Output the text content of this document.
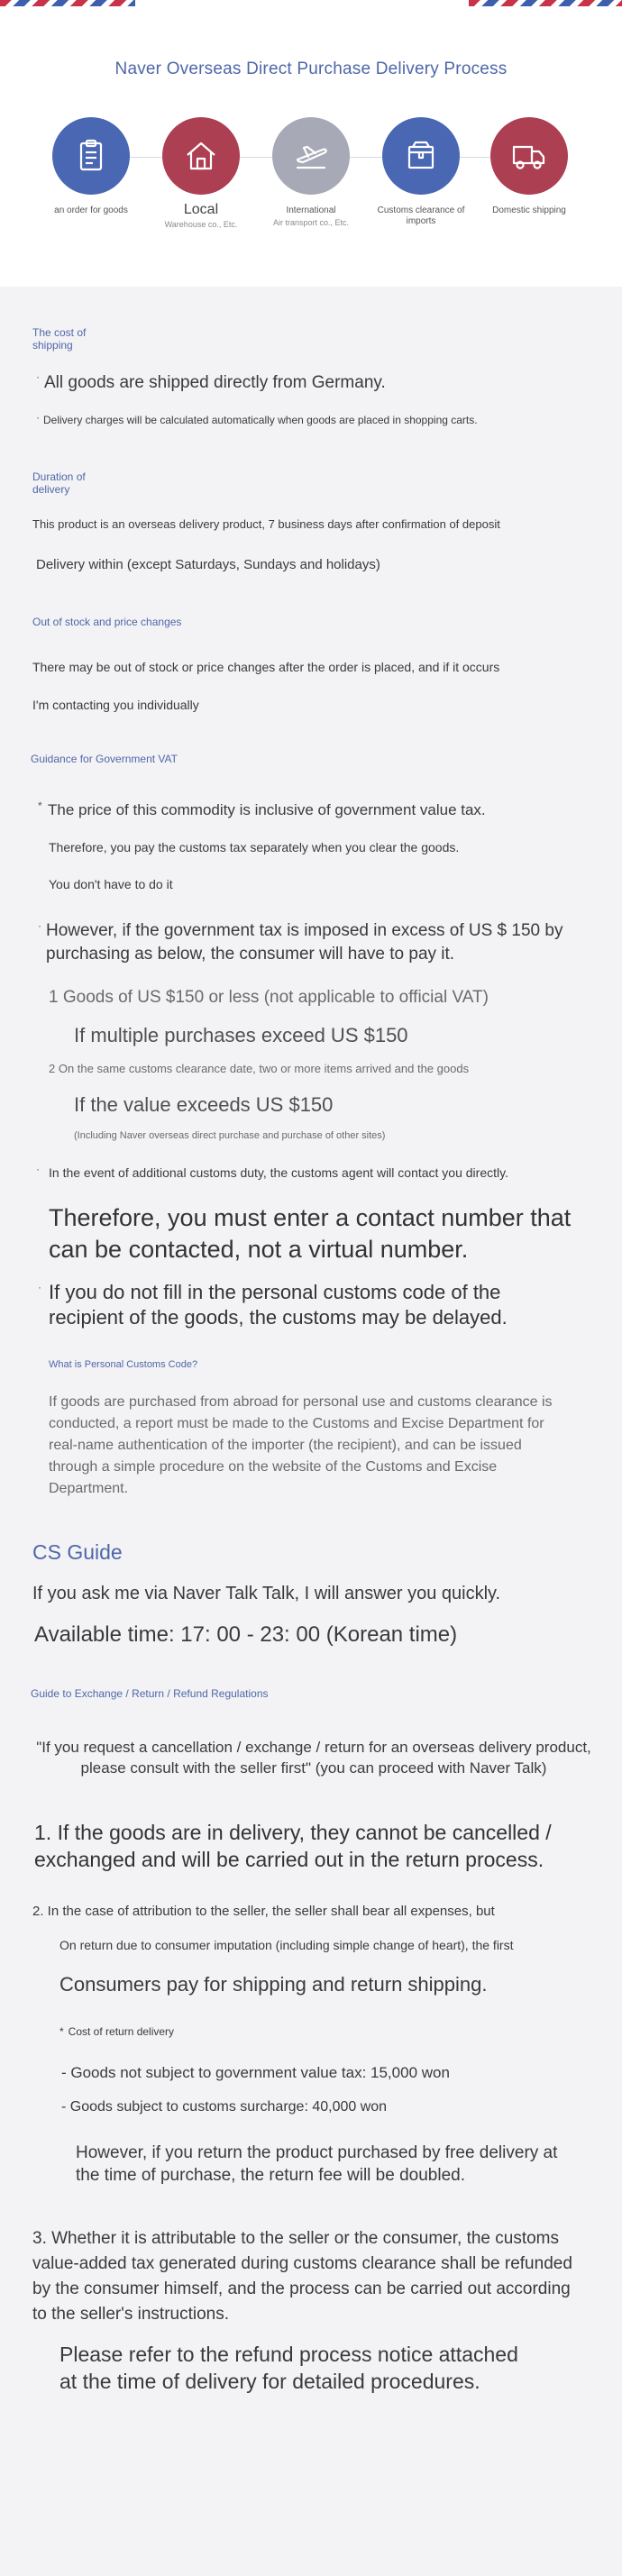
Naver Overseas Direct Purchase Delivery Process
an order for goods	Local
Warehouse co., Etc.
International
Air transport co., Etc.
Customs clearance of imports
Domestic shipping
The cost of shipping
· All goods are shipped directly from Germany.
· Delivery charges will be calculated automatically when goods are placed in shopping carts.
Duration of delivery
This product is an overseas delivery product, 7 business days after confirmation of deposit
Delivery within (except Saturdays, Sundays and holidays)
Out of stock and price changes
There may be out of stock or price changes after the order is placed, and if it occurs
I'm contacting you individually
Guidance for Government VAT
* The price of this commodity is inclusive of government value tax.
Therefore, you pay the customs tax separately when you clear the goods.
You don't have to do it
· However, if the government tax is imposed in excess of US $ 150 by purchasing as below, the consumer will have to pay it.
1 Goods of US $150 or less (not applicable to official VAT)
If multiple purchases exceed US $150
2 On the same customs clearance date, two or more items arrived and the goods
If the value exceeds US $150
(Including Naver overseas direct purchase and purchase of other sites)
· In the event of additional customs duty, the customs agent will contact you directly.
Therefore, you must enter a contact number that can be contacted, not a virtual number.
· If you do not fill in the personal customs code of the recipient of the goods, the customs may be delayed.
What is Personal Customs Code?
If goods are purchased from abroad for personal use and customs clearance is conducted, a report must be made to the Customs and Excise Department for real-name authentication of the importer (the recipient), and can be issued through a simple procedure on the website of the Customs and Excise Department.
CS Guide
If you ask me via Naver Talk Talk, I will answer you quickly.
Available time: 17: 00 - 23: 00 (Korean time)
Guide to Exchange / Return / Refund Regulations
"If you request a cancellation / exchange / return for an overseas delivery product, please consult with the seller first" (you can proceed with Naver Talk)
1. If the goods are in delivery, they cannot be cancelled / exchanged and will be carried out in the return process.
2. In the case of attribution to the seller, the seller shall bear all expenses, but
On return due to consumer imputation (including simple change of heart), the first
Consumers pay for shipping and return shipping.
* Cost of return delivery
- Goods not subject to government value tax: 15,000 won
- Goods subject to customs surcharge: 40,000 won
However, if you return the product purchased by free delivery at the time of purchase, the return fee will be doubled.
3. Whether it is attributable to the seller or the consumer, the customs value-added tax generated during customs clearance shall be refunded by the consumer himself, and the process can be carried out according to the seller's instructions.
Please refer to the refund process notice attached at the time of delivery for detailed procedures.
